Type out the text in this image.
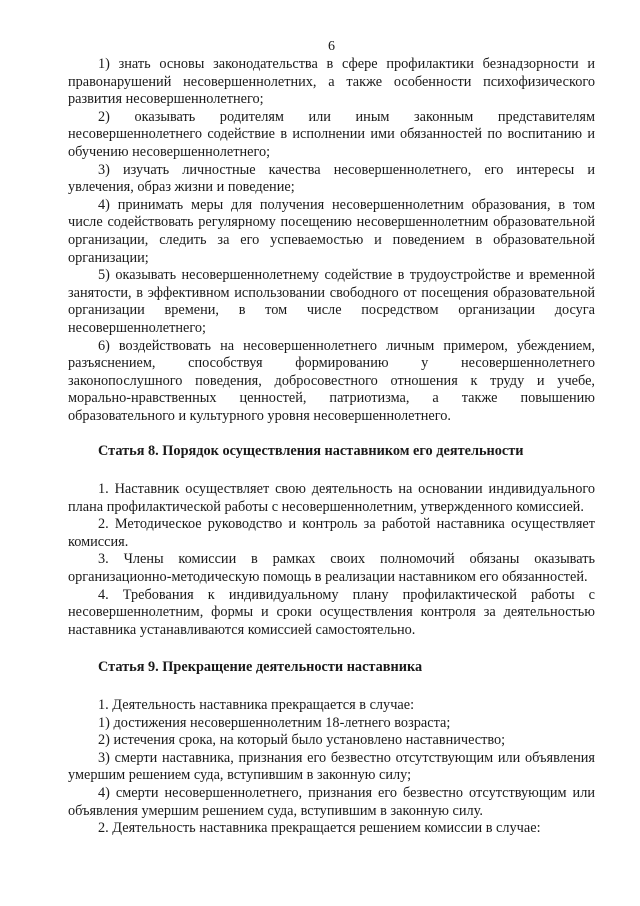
6

1) знать основы законодательства в сфере профилактики безнадзорности и правонарушений несовершеннолетних, а также особенности психофизического развития несовершеннолетнего;

2) оказывать родителям или иным законным представителям несовершеннолетнего содействие в исполнении ими обязанностей по воспитанию и обучению несовершеннолетнего;

3) изучать личностные качества несовершеннолетнего, его интересы и увлечения, образ жизни и поведение;

4) принимать меры для получения несовершеннолетним образования, в том числе содействовать регулярному посещению несовершеннолетним образовательной организации, следить за его успеваемостью и поведением в образовательной организации;

5) оказывать несовершеннолетнему содействие в трудоустройстве и временной занятости, в эффективном использовании свободного от посещения образовательной организации времени, в том числе посредством организации досуга несовершеннолетнего;

6) воздействовать на несовершеннолетнего личным примером, убеждением, разъяснением, способствуя формированию у несовершеннолетнего законопослушного поведения, добросовестного отношения к труду и учебе, морально-нравственных ценностей, патриотизма, а также повышению образовательного и культурного уровня несовершеннолетнего.

Статья 8. Порядок осуществления наставником его деятельности

1. Наставник осуществляет свою деятельность на основании индивидуального плана профилактической работы с несовершеннолетним, утвержденного комиссией.

2. Методическое руководство и контроль за работой наставника осуществляет комиссия.

3. Члены комиссии в рамках своих полномочий обязаны оказывать организационно-методическую помощь в реализации наставником его обязанностей.

4. Требования к индивидуальному плану профилактической работы с несовершеннолетним, формы и сроки осуществления контроля за деятельностью наставника устанавливаются комиссией самостоятельно.

Статья 9. Прекращение деятельности наставника

1. Деятельность наставника прекращается в случае:

1) достижения несовершеннолетним 18-летнего возраста;

2) истечения срока, на который было установлено наставничество;

3) смерти наставника, признания его безвестно отсутствующим или объявления умершим решением суда, вступившим в законную силу;

4) смерти несовершеннолетнего, признания его безвестно отсутствующим или объявления умершим решением суда, вступившим в законную силу.

2. Деятельность наставника прекращается решением комиссии в случае:
